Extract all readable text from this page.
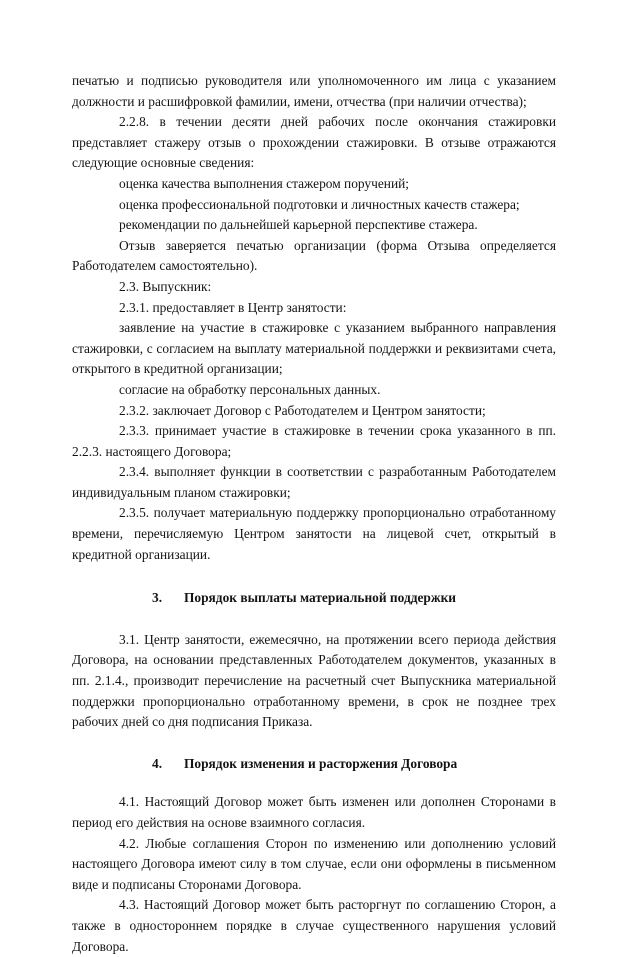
печатью и подписью руководителя или уполномоченного им лица с указанием должности и расшифровкой фамилии, имени, отчества (при наличии отчества);

2.2.8. в течении десяти дней рабочих после окончания стажировки представляет стажеру отзыв о прохождении стажировки. В отзыве отражаются следующие основные сведения:

оценка качества выполнения стажером поручений;

оценка профессиональной подготовки и личностных качеств стажера;

рекомендации по дальнейшей карьерной перспективе стажера.

Отзыв заверяется печатью организации (форма Отзыва определяется Работодателем самостоятельно).

2.3. Выпускник:

2.3.1. предоставляет в Центр занятости:

заявление на участие в стажировке с указанием выбранного направления стажировки, с согласием на выплату материальной поддержки и реквизитами счета, открытого в кредитной организации;

согласие на обработку персональных данных.

2.3.2. заключает Договор с Работодателем и Центром занятости;

2.3.3. принимает участие в стажировке в течении срока указанного в пп. 2.2.3. настоящего Договора;

2.3.4. выполняет функции в соответствии с разработанным Работодателем индивидуальным планом стажировки;

2.3.5. получает материальную поддержку пропорционально отработанному времени, перечисляемую Центром занятости на лицевой счет, открытый в кредитной организации.

3. Порядок выплаты материальной поддержки

3.1. Центр занятости, ежемесячно, на протяжении всего периода действия Договора, на основании представленных Работодателем документов, указанных в пп. 2.1.4., производит перечисление на расчетный счет Выпускника материальной поддержки пропорционально отработанному времени, в срок не позднее трех рабочих дней со дня подписания Приказа.

4. Порядок изменения и расторжения Договора

4.1. Настоящий Договор может быть изменен или дополнен Сторонами в период его действия на основе взаимного согласия.

4.2. Любые соглашения Сторон по изменению или дополнению условий настоящего Договора имеют силу в том случае, если они оформлены в письменном виде и подписаны Сторонами Договора.

4.3. Настоящий Договор может быть расторгнут по соглашению Сторон, а также в одностороннем порядке в случае существенного нарушения условий Договора.
